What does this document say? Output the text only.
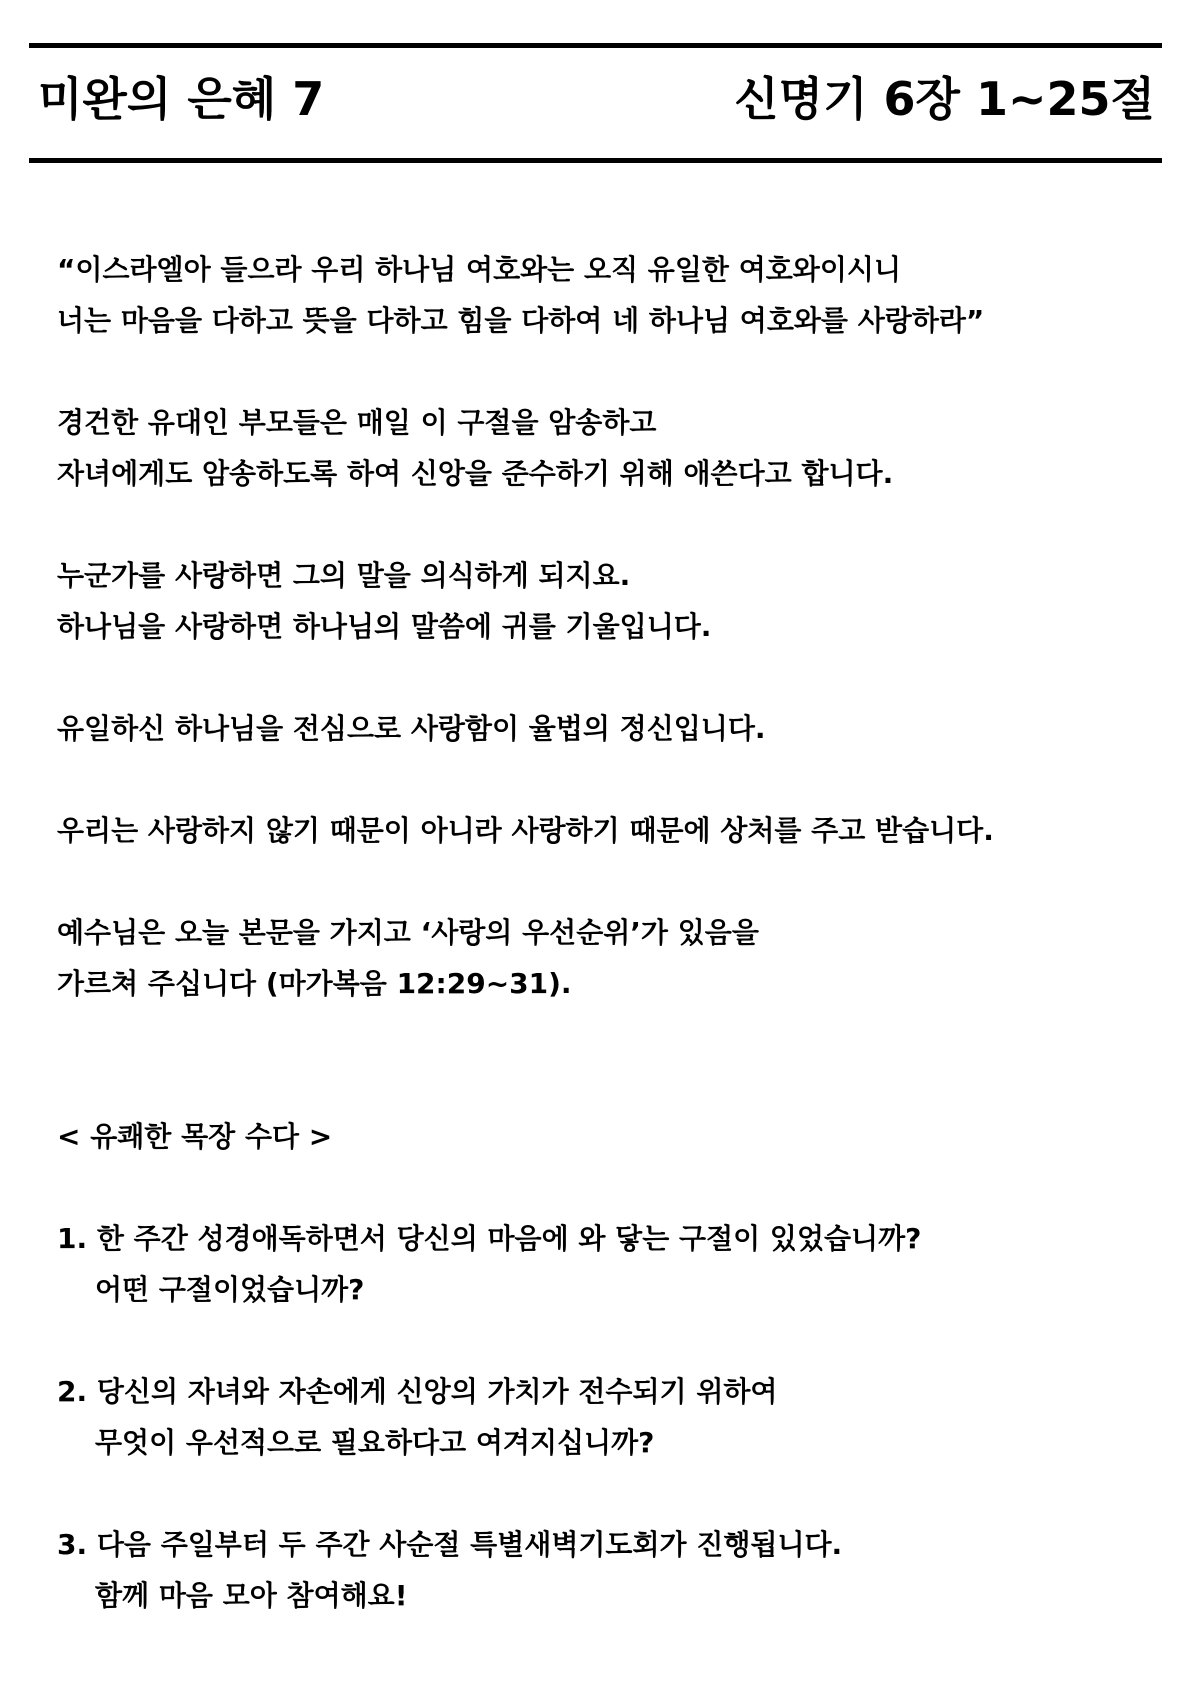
미완의 은혜 7	신명기 6장 1~25절
“이스라엘아 들으라 우리 하나님 여호와는 오직 유일한 여호와이시니
너는 마음을 다하고 뜻을 다하고 힘을 다하여 네 하나님 여호와를 사랑하라”
경건한 유대인 부모들은 매일 이 구절을 암송하고
자녀에게도 암송하도록 하여 신앙을 준수하기 위해 애쓴다고 합니다.
누군가를 사랑하면 그의 말을 의식하게 되지요.
하나님을 사랑하면 하나님의 말씀에 귀를 기울입니다.
유일하신 하나님을 전심으로 사랑함이 율법의 정신입니다.
우리는 사랑하지 않기 때문이 아니라 사랑하기 때문에 상처를 주고 받습니다.
예수님은 오늘 본문을 가지고 ‘사랑의 우선순위’가 있음을
가르쳐 주십니다 (마가복음 12:29~31).
< 유쾌한 목장 수다 >
1. 한 주간 성경애독하면서 당신의 마음에 와 닿는 구절이 있었습니까?
어떤 구절이었습니까?
2. 당신의 자녀와 자손에게 신앙의 가치가 전수되기 위하여
무엇이 우선적으로 필요하다고 여겨지십니까?
3. 다음 주일부터 두 주간 사순절 특별새벽기도회가 진행됩니다.
함께 마음 모아 참여해요!
